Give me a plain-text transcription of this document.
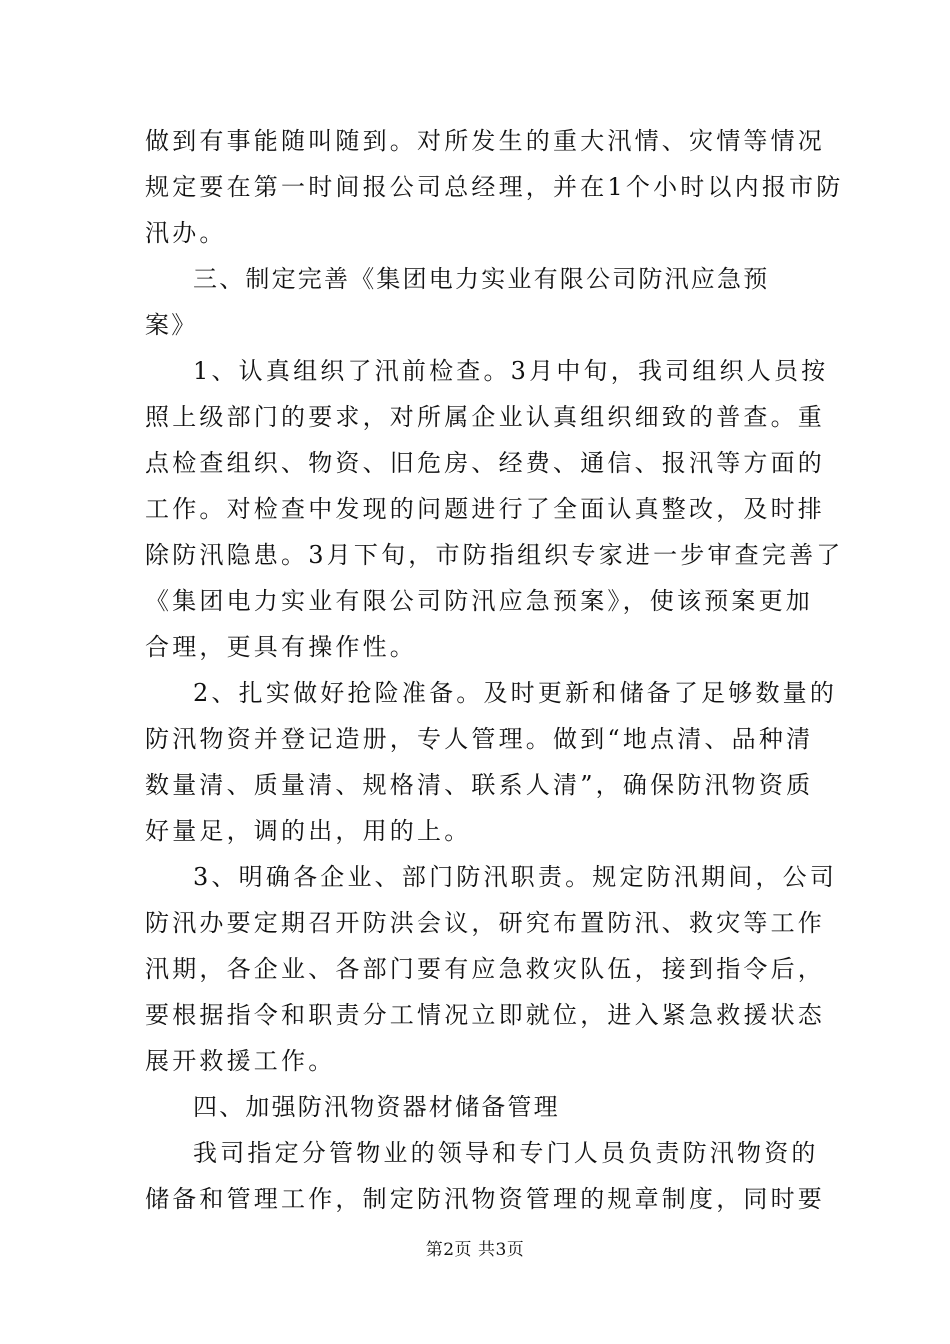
做到有事能随叫随到。对所发生的重大汛情、灾情等情况
规定要在第一时间报公司总经理，并在1个小时以内报市防
汛办。
三、制定完善《集团电力实业有限公司防汛应急预
案》
1、认真组织了汛前检查。3月中旬，我司组织人员按
照上级部门的要求，对所属企业认真组织细致的普查。重
点检查组织、物资、旧危房、经费、通信、报汛等方面的
工作。对检查中发现的问题进行了全面认真整改，及时排
除防汛隐患。3月下旬，市防指组织专家进一步审查完善了
《集团电力实业有限公司防汛应急预案》，使该预案更加
合理，更具有操作性。
2、扎实做好抢险准备。及时更新和储备了足够数量的
防汛物资并登记造册，专人管理。做到“地点清、品种清
数量清、质量清、规格清、联系人清”，确保防汛物资质
好量足，调的出，用的上。
3、明确各企业、部门防汛职责。规定防汛期间，公司
防汛办要定期召开防洪会议，研究布置防汛、救灾等工作
汛期，各企业、各部门要有应急救灾队伍，接到指令后，
要根据指令和职责分工情况立即就位，进入紧急救援状态
展开救援工作。
四、加强防汛物资器材储备管理
我司指定分管物业的领导和专门人员负责防汛物资的
储备和管理工作，制定防汛物资管理的规章制度，同时要
第2页 共3页
